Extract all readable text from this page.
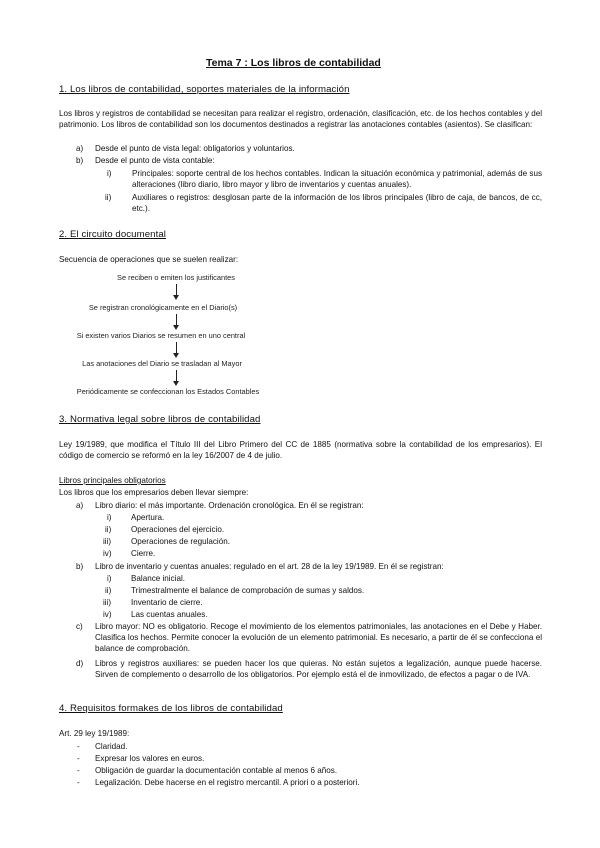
Tema 7 : Los libros de contabilidad
1. Los libros de contabilidad, soportes materiales de la información
Los libros y registros de contabilidad se necesitan para realizar el registro, ordenación, clasificación, etc. de los hechos contables y del patrimonio. Los libros de contabilidad son los documentos destinados a registrar las anotaciones contables (asientos). Se clasifican:
a) Desde el punto de vista legal: obligatorios y voluntarios.
b) Desde el punto de vista contable:
i)	Principales: soporte central de los hechos contables. Indican la situación económica y patrimonial, además de sus alteraciones (libro diario, libro mayor y libro de inventarios y cuentas anuales).
ii)	Auxiliares o registros: desglosan parte de la información de los libros principales (libro de caja, de bancos, de cc, etc.).
2. El circuito documental
Secuencia de operaciones que se suelen realizar:
Se reciben o emiten los justificantes
Se registran cronológicamente en el Diario(s)
Si existen varios Diarios se resumen en uno central
Las anotaciones del Diario se trasladan al Mayor
Periódicamente se confeccionan los Estados Contables
3. Normativa legal sobre libros de contabilidad
Ley 19/1989, que modifica el Título III del Libro Primero del CC de 1885 (normativa sobre la contabilidad de los empresarios). El código de comercio se reformó en la ley 16/2007 de 4 de julio.
Libros principales obligatorios
Los libros que los empresarios deben llevar siempre:
a) Libro diario: el más importante. Ordenación cronológica. En él se registran:
i) Apertura.
ii) Operaciones del ejercicio.
iii) Operaciones de regulación.
iv) Cierre.
b) Libro de inventario y cuentas anuales: regulado en el art. 28 de la ley 19/1989. En él se registran:
i) Balance inicial.
ii) Trimestralmente el balance de comprobación de sumas y saldos.
iii) Inventario de cierre.
iv) Las cuentas anuales.
c) Libro mayor: NO es obligatorio. Recoge el movimiento de los elementos patrimoniales, las anotaciones en el Debe y Haber. Clasifica los hechos. Permite conocer la evolución de un elemento patrimonial. Es necesario, a partir de él se confecciona el balance de comprobación.
d) Libros y registros auxiliares: se pueden hacer los que quieras. No están sujetos a legalización, aunque puede hacerse. Sirven de complemento o desarrollo de los obligatorios. Por ejemplo está el de inmovilizado, de efectos a pagar o de IVA.
4. Requisitos formakes de los libros de contabilidad
Art. 29 ley 19/1989:
- Claridad.
- Expresar los valores en euros.
- Obligación de guardar la documentación contable al menos 6 años.
- Legalización. Debe hacerse en el registro mercantil. A priori o a posteriori.
